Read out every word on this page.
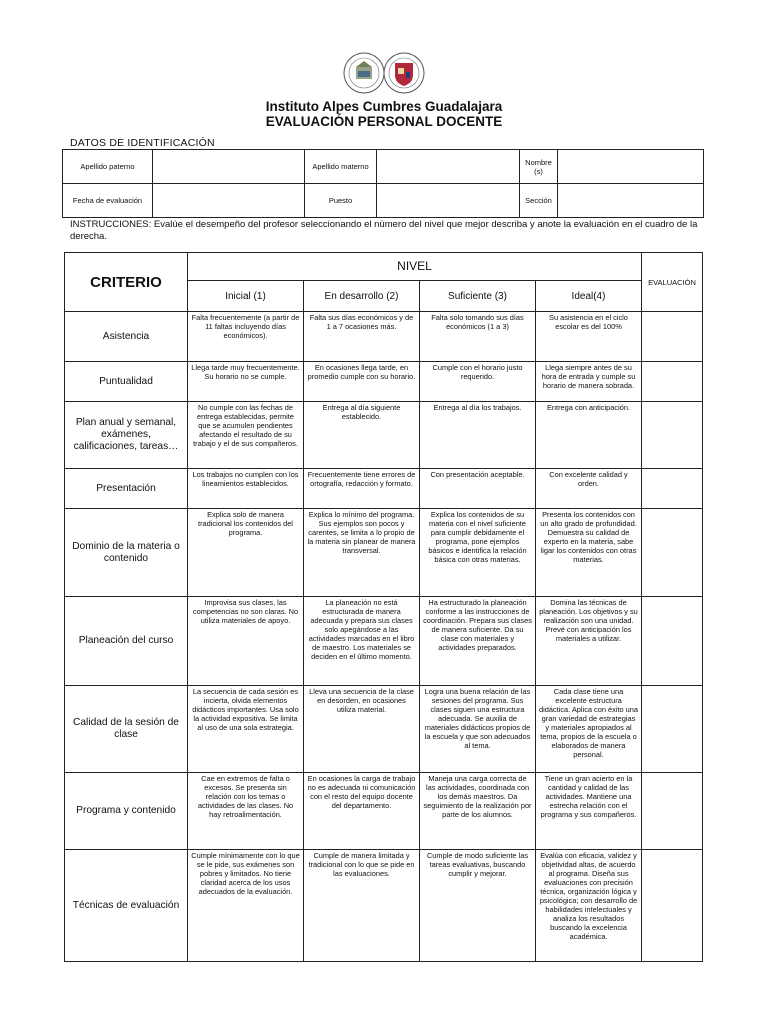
Instituto Alpes Cumbres Guadalajara
EVALUACIÓN PERSONAL DOCENTE
DATOS DE IDENTIFICACIÓN
Apellido paterno		Apellido materno		Nombre (s)	
Fecha de evaluación		Puesto		Sección	
INSTRUCCIONES: Evalúe el desempeño del profesor seleccionando el número del nivel que mejor describa y anote la evaluación en el cuadro de la derecha.
CRITERIO	NIVEL				EVALUACIÓN
	Inicial (1)	En desarrollo (2)	Suficiente (3)	Ideal(4)	
Asistencia	Falta frecuentemente (a partir de 11 faltas incluyendo días económicos).	Falta sus días económicos y de 1 a 7 ocasiones más.	Falta solo tomando sus días económicos (1 a 3)	Su asistencia en el ciclo escolar es del 100%	
Puntualidad	Llega tarde muy frecuentemente. Su horario no se cumple.	En ocasiones llega tarde, en promedio cumple con su horario.	Cumple con el horario justo requerido.	Llega siempre antes de su hora de entrada y cumple su horario de manera sobrada.	
Plan anual y semanal, exámenes, calificaciones, tareas…	No cumple con las fechas de entrega establecidas, permite que se acumulen pendientes afectando el resultado de su trabajo y el de sus compañeros.	Entrega al día siguiente establecido.	Entrega al día los trabajos.	Entrega con anticipación.	
Presentación	Los trabajos no cumplen con los lineamientos establecidos.	Frecuentemente tiene errores de ortografía, redacción y formato.	Con presentación aceptable.	Con excelente calidad y orden.	
Dominio de la materia o contenido	Explica solo de manera tradicional los contenidos del programa.	Explica lo mínimo del programa. Sus ejemplos son pocos y carentes, se limita a lo propio de la materia sin planear de manera transversal.	Explica los contenidos de su materia con el nivel suficiente para cumplir debidamente el programa, pone ejemplos básicos e identifica la relación básica con otras materias.	Presenta los contenidos con un alto grado de profundidad. Demuestra su calidad de experto en la materia, sabe ligar los contenidos con otras materias.	
Planeación del curso	Improvisa sus clases, las competencias no son claras. No utiliza materiales de apoyo.	La planeación no está estructurada de manera adecuada y prepara sus clases solo apegándose a las actividades marcadas en el libro de maestro. Los materiales se deciden en el último momento.	Ha estructurado la planeación conforme a las instrucciones de coordinación. Prepara sus clases de manera suficiente. Da su clase con materiales y actividades preparados.	Domina las técnicas de planeación. Los objetivos y su realización son una unidad. Prevé con anticipación los materiales a utilizar.	
Calidad de la sesión de clase	La secuencia de cada sesión es incierta, olvida elementos didácticos importantes. Usa solo la actividad expositiva. Se limita al uso de una sola estrategia.	Lleva una secuencia de la clase en desorden, en ocasiones utiliza material.	Logra una buena relación de las sesiones del programa. Sus clases siguen una estructura adecuada. Se auxilia de materiales didácticos propios de la escuela y que son adecuados al tema.	Cada clase tiene una excelente estructura didáctica. Aplica con éxito una gran variedad de estrategias y materiales apropiados al tema, propios de la escuela o elaborados de manera personal.	
Programa y contenido	Cae en extremos de falta o excesos. Se presenta sin relación con los temas o actividades de las clases. No hay retroalimentación.	En ocasiones la carga de trabajo no es adecuada ni comunicación con el resto del equipo docente del departamento.	Maneja una carga correcta de las actividades, coordinada con los demás maestros. Da seguimiento de la realización por parte de los alumnos.	Tiene un gran acierto en la cantidad y calidad de las actividades. Mantiene una estrecha relación con el programa y sus compañeros.	
Técnicas de evaluación	Cumple mínimamente con lo que se le pide, sus exámenes son pobres y limitados. No tiene claridad acerca de los usos adecuados de la evaluación.	Cumple de manera limitada y tradicional con lo que se pide en las evaluaciones.	Cumple de modo suficiente las tareas evaluativas, buscando cumplir y mejorar.	Evalúa con eficacia, validez y objetividad altas, de acuerdo al programa. Diseña sus evaluaciones con precisión técnica, organización lógica y psicológica; con desarrollo de habilidades intelectuales y analiza los resultados buscando la excelencia académica.	
